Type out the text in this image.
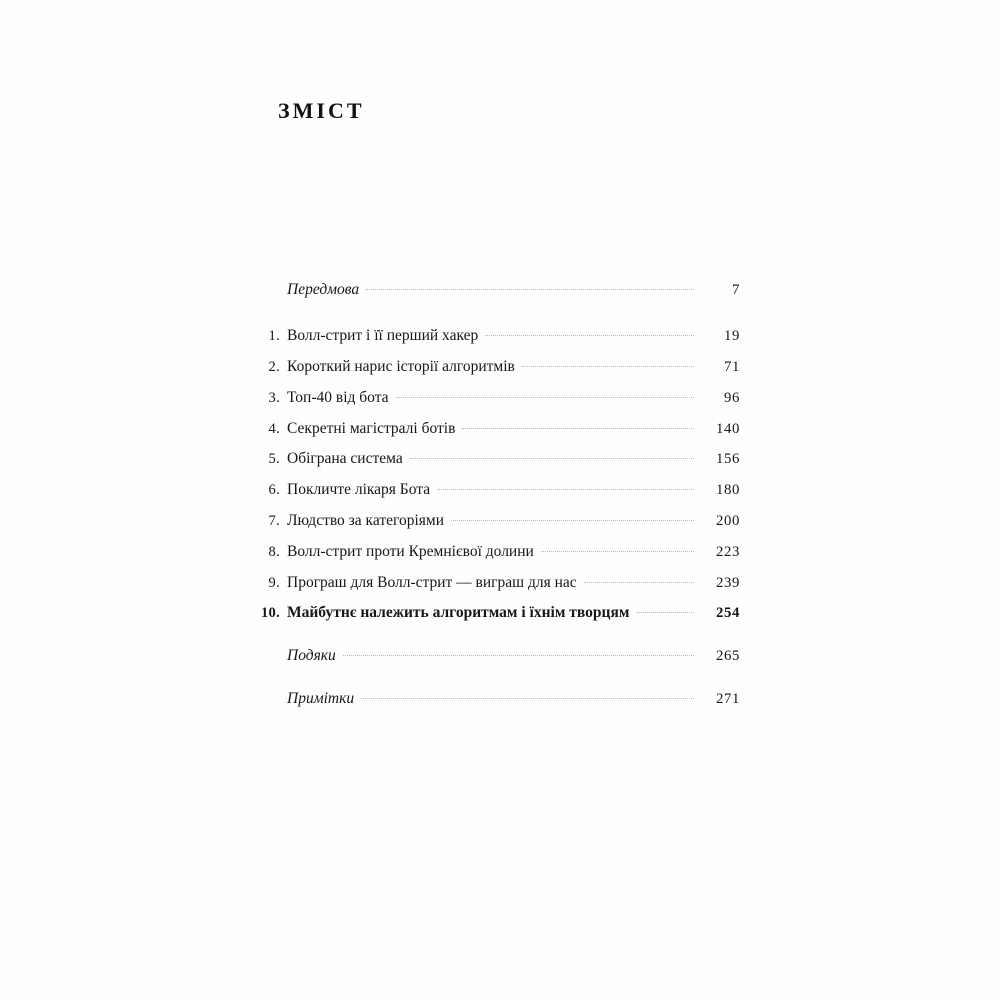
ЗМІСТ
Передмова	7
1. Волл-стрит і її перший хакер	19
2. Короткий нарис історії алгоритмів	71
3. Топ-40 від бота	96
4. Секретні магістралі ботів	140
5. Обіграна система	156
6. Покличте лікаря Бота	180
7. Людство за категоріями	200
8. Волл-стрит проти Кремнієвої долини	223
9. Програш для Волл-стрит — виграш для нас	239
10. Майбутнє належить алгоритмам і їхнім творцям	254
Подяки	265
Примітки	271
